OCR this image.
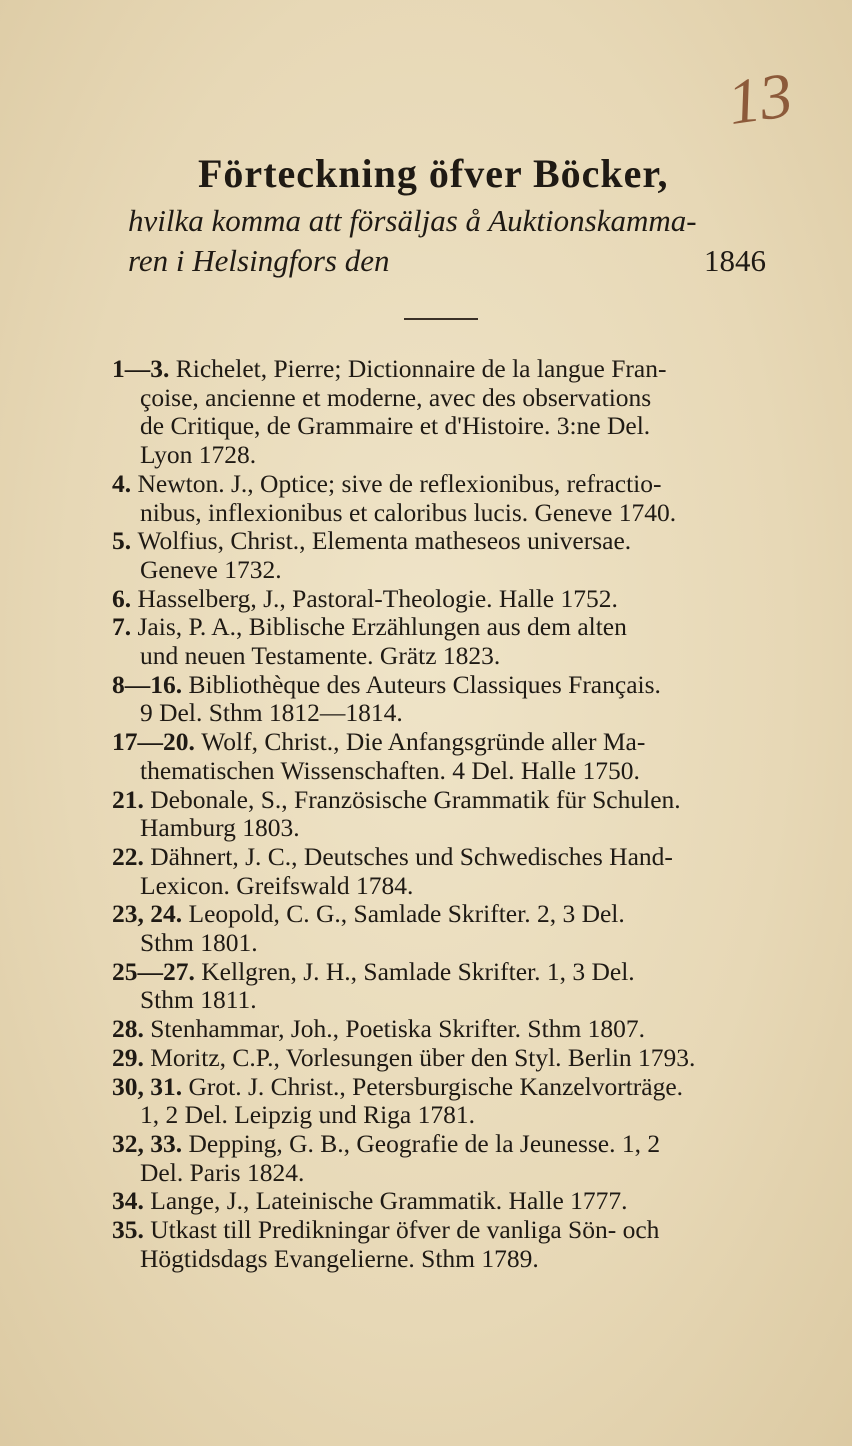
13
Förteckning öfver Böcker,
hvilka komma att försäljas å Auktionskamma-
ren i Helsingfors den	1846
1—3. Richelet, Pierre; Dictionnaire de la langue Fran-
çoise, ancienne et moderne, avec des observations
de Critique, de Grammaire et d'Histoire. 3:ne Del.
Lyon 1728.
4. Newton. J., Optice; sive de reflexionibus, refractio-
nibus, inflexionibus et caloribus lucis. Geneve 1740.
5. Wolfius, Christ., Elementa matheseos universae.
Geneve 1732.
6. Hasselberg, J., Pastoral-Theologie. Halle 1752.
7. Jais, P. A., Biblische Erzählungen aus dem alten
und neuen Testamente. Grätz 1823.
8—16. Bibliothèque des Auteurs Classiques Français.
9 Del. Sthm 1812—1814.
17—20. Wolf, Christ., Die Anfangsgründe aller Ma-
thematischen Wissenschaften. 4 Del. Halle 1750.
21. Debonale, S., Französische Grammatik für Schulen.
Hamburg 1803.
22. Dähnert, J. C., Deutsches und Schwedisches Hand-
Lexicon. Greifswald 1784.
23, 24. Leopold, C. G., Samlade Skrifter. 2, 3 Del.
Sthm 1801.
25—27. Kellgren, J. H., Samlade Skrifter. 1, 3 Del.
Sthm 1811.
28. Stenhammar, Joh., Poetiska Skrifter. Sthm 1807.
29. Moritz, C.P., Vorlesungen über den Styl. Berlin 1793.
30, 31. Grot. J. Christ., Petersburgische Kanzelvorträge.
1, 2 Del. Leipzig und Riga 1781.
32, 33. Depping, G. B., Geografie de la Jeunesse. 1, 2
Del. Paris 1824.
34. Lange, J., Lateinische Grammatik. Halle 1777.
35. Utkast till Predikningar öfver de vanliga Sön- och
Högtidsdags Evangelierne. Sthm 1789.
